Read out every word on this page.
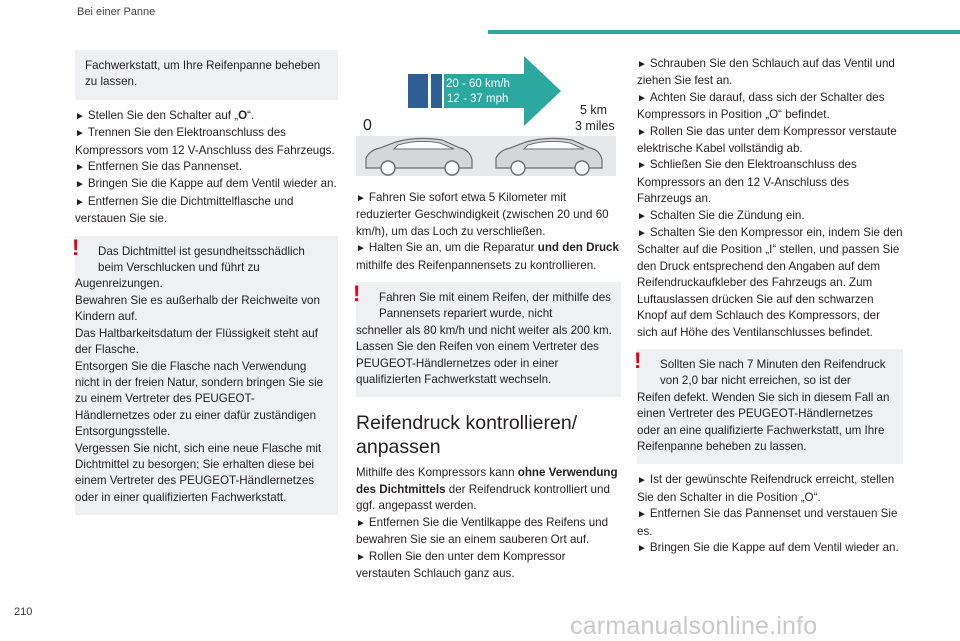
Bei einer Panne

Fachwerkstatt, um Ihre Reifenpanne beheben zu lassen.

► Stellen Sie den Schalter auf „O“.

► Trennen Sie den Elektroanschluss des Kompressors vom 12 V-Anschluss des Fahrzeugs.

► Entfernen Sie das Pannenset.

► Bringen Sie die Kappe auf dem Ventil wieder an.

► Entfernen Sie die Dichtmittelflasche und verstauen Sie sie.

!	Das Dichtmittel ist gesundheitsschädlich beim Verschlucken und führt zu

Augenreizungen.
Bewahren Sie es außerhalb der Reichweite von Kindern auf.
Das Haltbarkeitsdatum der Flüssigkeit steht auf der Flasche.
Entsorgen Sie die Flasche nach Verwendung nicht in der freien Natur, sondern bringen Sie sie zu einem Vertreter des PEUGEOT-Händlernetzes oder zu einer dafür zuständigen Entsorgungsstelle.
Vergessen Sie nicht, sich eine neue Flasche mit Dichtmittel zu besorgen; Sie erhalten diese bei einem Vertreter des PEUGEOT-Händlernetzes oder in einer qualifizierten Fachwerkstatt.

20 - 60 km/h
12 - 37 mph
0
5 km
3 miles

► Fahren Sie sofort etwa 5 Kilometer mit reduzierter Geschwindigkeit (zwischen 20 und 60 km/h), um das Loch zu verschließen.

► Halten Sie an, um die Reparatur und den Druck mithilfe des Reifenpannensets zu kontrollieren.

!	Fahren Sie mit einem Reifen, der mithilfe des Pannensets repariert wurde, nicht

schneller als 80 km/h und nicht weiter als 200 km.
Lassen Sie den Reifen von einem Vertreter des PEUGEOT-Händlernetzes oder in einer qualifizierten Fachwerkstatt wechseln.

Reifendruck kontrollieren/ anpassen

Mithilfe des Kompressors kann ohne Verwendung des Dichtmittels der Reifendruck kontrolliert und ggf. angepasst werden.

► Entfernen Sie die Ventilkappe des Reifens und bewahren Sie sie an einem sauberen Ort auf.

► Rollen Sie den unter dem Kompressor verstauten Schlauch ganz aus.

► Schrauben Sie den Schlauch auf das Ventil und ziehen Sie fest an.

► Achten Sie darauf, dass sich der Schalter des Kompressors in Position „O“ befindet.

► Rollen Sie das unter dem Kompressor verstaute elektrische Kabel vollständig ab.

► Schließen Sie den Elektroanschluss des Kompressors an den 12 V-Anschluss des Fahrzeugs an.

► Schalten Sie die Zündung ein.

► Schalten Sie den Kompressor ein, indem Sie den Schalter auf die Position „I“ stellen, und passen Sie den Druck entsprechend den Angaben auf dem Reifendruckaufkleber des Fahrzeugs an. Zum Luftauslassen drücken Sie auf den schwarzen Knopf auf dem Schlauch des Kompressors, der sich auf Höhe des Ventilanschlusses befindet.

!	Sollten Sie nach 7 Minuten den Reifendruck von 2,0 bar nicht erreichen, so ist der

Reifen defekt. Wenden Sie sich in diesem Fall an einen Vertreter des PEUGEOT-Händlernetzes oder an eine qualifizierte Fachwerkstatt, um Ihre Reifenpanne beheben zu lassen.

► Ist der gewünschte Reifendruck erreicht, stellen Sie den Schalter in die Position „O“.

► Entfernen Sie das Pannenset und verstauen Sie es.

► Bringen Sie die Kappe auf dem Ventil wieder an.

210	carmanualsonline.info
